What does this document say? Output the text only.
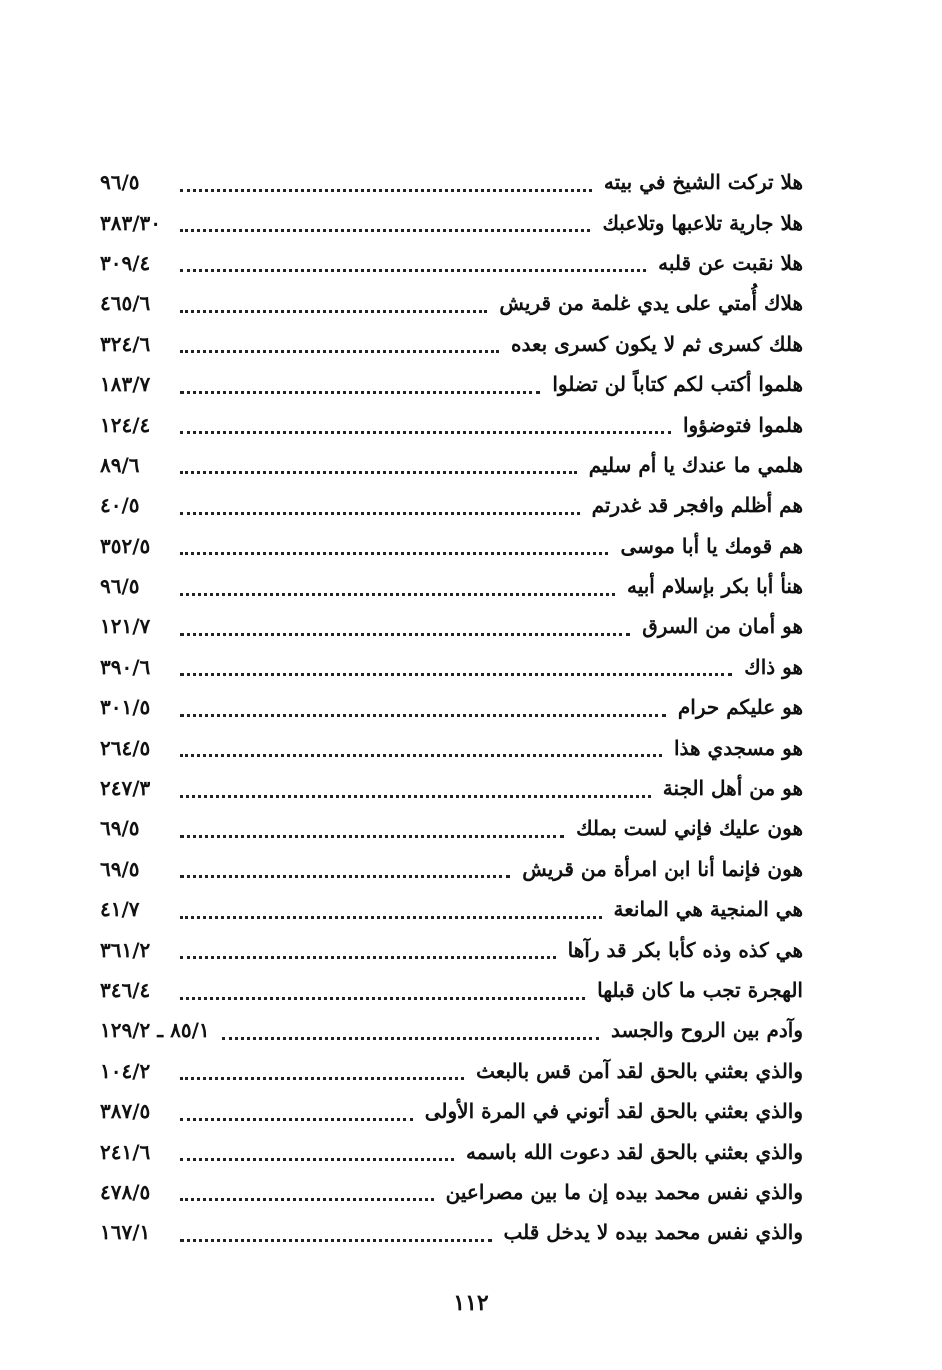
هلا تركت الشيخ في بيته
٩٦/٥
هلا جارية تلاعبها وتلاعبك
٣٨٣/٣٠
هلا نقبت عن قلبه
٣٠٩/٤
هلاك أُمتي على يدي غلمة من قريش
٤٦٥/٦
هلك كسرى ثم لا يكون كسرى بعده
٣٢٤/٦
هلموا أكتب لكم كتاباً لن تضلوا
١٨٣/٧
هلموا فتوضؤوا
١٢٤/٤
هلمي ما عندك يا أم سليم
٨٩/٦
هم أظلم وافجر قد غدرتم
٤٠/٥
هم قومك يا أبا موسى
٣٥٢/٥
هنأ أبا بكر بإسلام أبيه
٩٦/٥
هو أمان من السرق
١٢١/٧
هو ذاك
٣٩٠/٦
هو عليكم حرام
٣٠١/٥
هو مسجدي هذا
٢٦٤/٥
هو من أهل الجنة
٢٤٧/٣
هون عليك فإني لست بملك
٦٩/٥
هون فإنما أنا ابن امرأة من قريش
٦٩/٥
هي المنجية هي المانعة
٤١/٧
هي كذه وذه كأبا بكر قد رآها
٣٦١/٢
الهجرة تجب ما كان قبلها
٣٤٦/٤
وآدم بين الروح والجسد
٨٥/١ ـ ١٢٩/٢
والذي بعثني بالحق لقد آمن قس بالبعث
١٠٤/٢
والذي بعثني بالحق لقد أتوني في المرة الأولى
٣٨٧/٥
والذي بعثني بالحق لقد دعوت الله باسمه
٢٤١/٦
والذي نفس محمد بيده إن ما بين مصراعين
٤٧٨/٥
والذي نفس محمد بيده لا يدخل قلب
١٦٧/١
١١٢
